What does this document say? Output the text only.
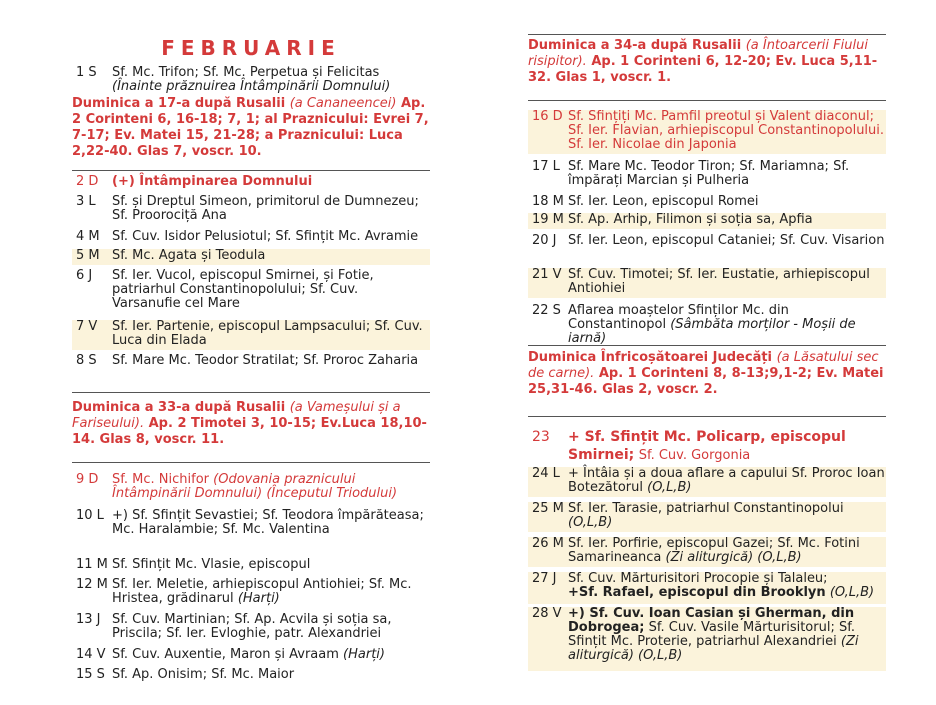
FEBRUARIE
1 S Sf. Mc. Trifon; Sf. Mc. Perpetua și Felicitas
(Înainte prăznuirea Întâmpinării Domnului)
Duminica a 17-a după Rusalii (a Cananeencei) Ap. 2 Corinteni 6, 16-18; 7, 1; al Praznicului: Evrei 7, 7-17; Ev. Matei 15, 21-28; a Praznicului: Luca 2,22-40. Glas 7, voscr. 10.
2 D (+) Întâmpinarea Domnului
3 L Sf. și Dreptul Simeon, primitorul de Dumnezeu; Sf. Proorociță Ana
4 M Sf. Cuv. Isidor Pelusiotul; Sf. Sfințit Mc. Avramie
5 M Sf. Mc. Agata și Teodula
6 J Sf. Ier. Vucol, episcopul Smirnei, și Fotie, patriarhul Constantinopolului; Sf. Cuv. Varsanufie cel Mare
7 V Sf. Ier. Partenie, episcopul Lampsacului; Sf. Cuv. Luca din Elada
8 S Sf. Mare Mc. Teodor Stratilat; Sf. Proroc Zaharia
Duminica a 33-a după Rusalii (a Vameșului și a Fariseului). Ap. 2 Timotei 3, 10-15; Ev.Luca 18,10-14. Glas 8, voscr. 11.
9 D Sf. Mc. Nichifor (Odovania praznicului Întâmpinării Domnului) (Începutul Triodului)
10 L +) Sf. Sfințit Sevastiei; Sf. Teodora împărăteasa; Mc. Haralambie; Sf. Mc. Valentina
11 M Sf. Sfințit Mc. Vlasie, episcopul
12 M Sf. Ier. Meletie, arhiepiscopul Antiohiei; Sf. Mc. Hristea, grădinarul (Harți)
13 J Sf. Cuv. Martinian; Sf. Ap. Acvila și soția sa, Priscila; Sf. Ier. Evloghie, patr. Alexandriei
14 V Sf. Cuv. Auxentie, Maron și Avraam (Harți)
15 S Sf. Ap. Onisim; Sf. Mc. Maior
Duminica a 34-a după Rusalii (a Întoarcerii Fiului risipitor). Ap. 1 Corinteni 6, 12-20; Ev. Luca 5,11-32. Glas 1, voscr. 1.
16 D Sf. Sfințiți Mc. Pamfil preotul și Valent diaconul; Sf. Ier. Flavian, arhiepiscopul Constantinopolului. Sf. Ier. Nicolae din Japonia
17 L Sf. Mare Mc. Teodor Tiron; Sf. Mariamna; Sf. împărați Marcian și Pulheria
18 M Sf. Ier. Leon, episcopul Romei
19 M Sf. Ap. Arhip, Filimon și soția sa, Apfia
20 J Sf. Ier. Leon, episcopul Cataniei; Sf. Cuv. Visarion
21 V Sf. Cuv. Timotei; Sf. Ier. Eustatie, arhiepiscopul Antiohiei
22 S Aflarea moaștelor Sfinților Mc. din Constantinopol (Sâmbăta morților - Moșii de iarnă)
Duminica Înfricoșătoarei Judecăți (a Lăsatului sec de carne). Ap. 1 Corinteni 8, 8-13;9,1-2; Ev. Matei 25,31-46. Glas 2, voscr. 2.
23 + Sf. Sfințit Mc. Policarp, episcopul Smirnei; Sf. Cuv. Gorgonia
24 L + Întâia și a doua aflare a capului Sf. Proroc Ioan Botezătorul (O,L,B)
25 M Sf. Ier. Tarasie, patriarhul Constantinopolui (O,L,B)
26 M Sf. Ier. Porfirie, episcopul Gazei; Sf. Mc. Fotini Samarineanca (Zi aliturgică) (O,L,B)
27 J Sf. Cuv. Mărturisitori Procopie și Talaleu;
+Sf. Rafael, episcopul din Brooklyn (O,L,B)
28 V +) Sf. Cuv. Ioan Casian și Gherman, din Dobrogea; Sf. Cuv. Vasile Mărturisitorul; Sf. Sfințit Mc. Proterie, patriarhul Alexandriei (Zi aliturgică) (O,L,B)
